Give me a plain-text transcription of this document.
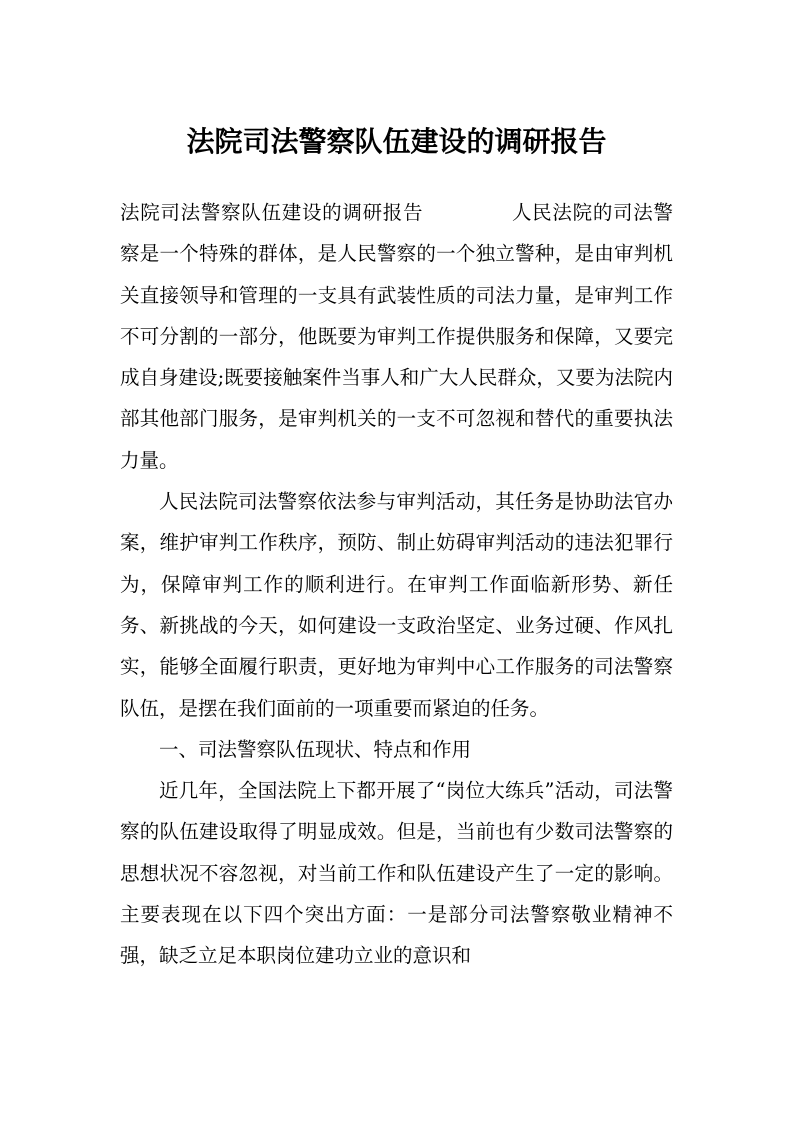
法院司法警察队伍建设的调研报告

法院司法警察队伍建设的调研报告	人民法院的司法警察是一个特殊的群体，是人民警察的一个独立警种，是由审判机关直接领导和管理的一支具有武装性质的司法力量，是审判工作不可分割的一部分，他既要为审判工作提供服务和保障，又要完成自身建设;既要接触案件当事人和广大人民群众，又要为法院内部其他部门服务，是审判机关的一支不可忽视和替代的重要执法力量。

人民法院司法警察依法参与审判活动，其任务是协助法官办案，维护审判工作秩序，预防、制止妨碍审判活动的违法犯罪行为，保障审判工作的顺利进行。在审判工作面临新形势、新任务、新挑战的今天，如何建设一支政治坚定、业务过硬、作风扎实，能够全面履行职责，更好地为审判中心工作服务的司法警察队伍，是摆在我们面前的一项重要而紧迫的任务。

一、司法警察队伍现状、特点和作用

近几年，全国法院上下都开展了“岗位大练兵”活动，司法警察的队伍建设取得了明显成效。但是，当前也有少数司法警察的思想状况不容忽视，对当前工作和队伍建设产生了一定的影响。主要表现在以下四个突出方面：一是部分司法警察敬业精神不强，缺乏立足本职岗位建功立业的意识和
